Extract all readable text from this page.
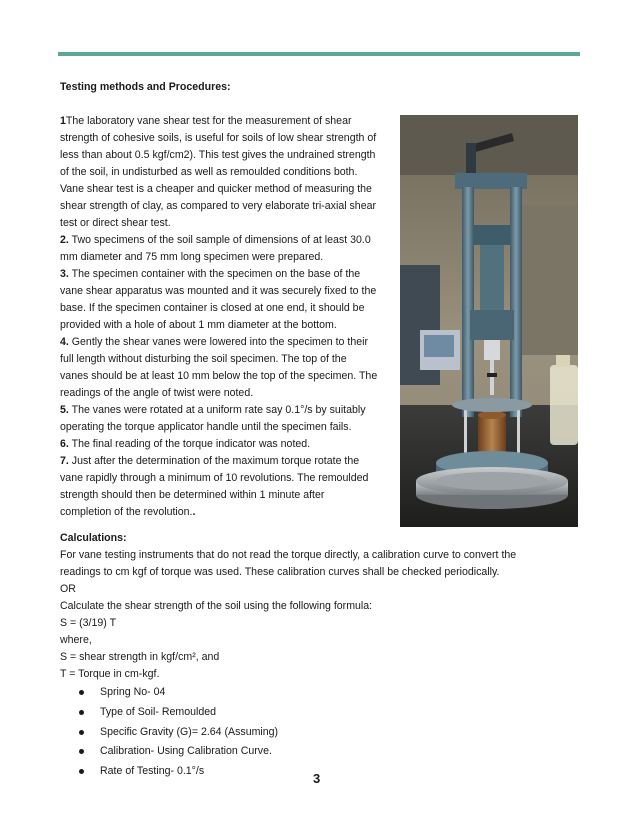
Testing methods and Procedures:
1The laboratory vane shear test for the measurement of shear
strength of cohesive soils, is useful for soils of low shear strength of
less than about 0.5 kgf/cm2). This test gives the undrained strength
of the soil, in undisturbed as well as remoulded conditions both.
Vane shear test is a cheaper and quicker method of measuring the
shear strength of clay, as compared to very elaborate tri-axial shear
test or direct shear test.
2. Two specimens of the soil sample of dimensions of at least 30.0
mm diameter and 75 mm long specimen were prepared.
3. The specimen container with the specimen on the base of the
vane shear apparatus was mounted and it was securely fixed to the
base. If the specimen container is closed at one end, it should be
provided with a hole of about 1 mm diameter at the bottom.
4. Gently the shear vanes were lowered into the specimen to their
full length without disturbing the soil specimen. The top of the
vanes should be at least 10 mm below the top of the specimen. The
readings of the angle of twist were noted.
5. The vanes were rotated at a uniform rate say 0.1°/s by suitably
operating the torque applicator handle until the specimen fails.
6. The final reading of the torque indicator was noted.
7. Just after the determination of the maximum torque rotate the
vane rapidly through a minimum of 10 revolutions. The remoulded
strength should then be determined within 1 minute after
completion of the revolution..
Calculations:
For vane testing instruments that do not read the torque directly, a calibration curve to convert the
readings to cm kgf of torque was used. These calibration curves shall be checked periodically.
OR
Calculate the shear strength of the soil using the following formula:
S = (3/19) T
where,
S = shear strength in kgf/cm², and
T = Torque in cm-kgf.
Spring No- 04
Type of Soil- Remoulded
Specific Gravity (G)= 2.64 (Assuming)
Calibration- Using Calibration Curve.
Rate of Testing- 0.1°/s	3
